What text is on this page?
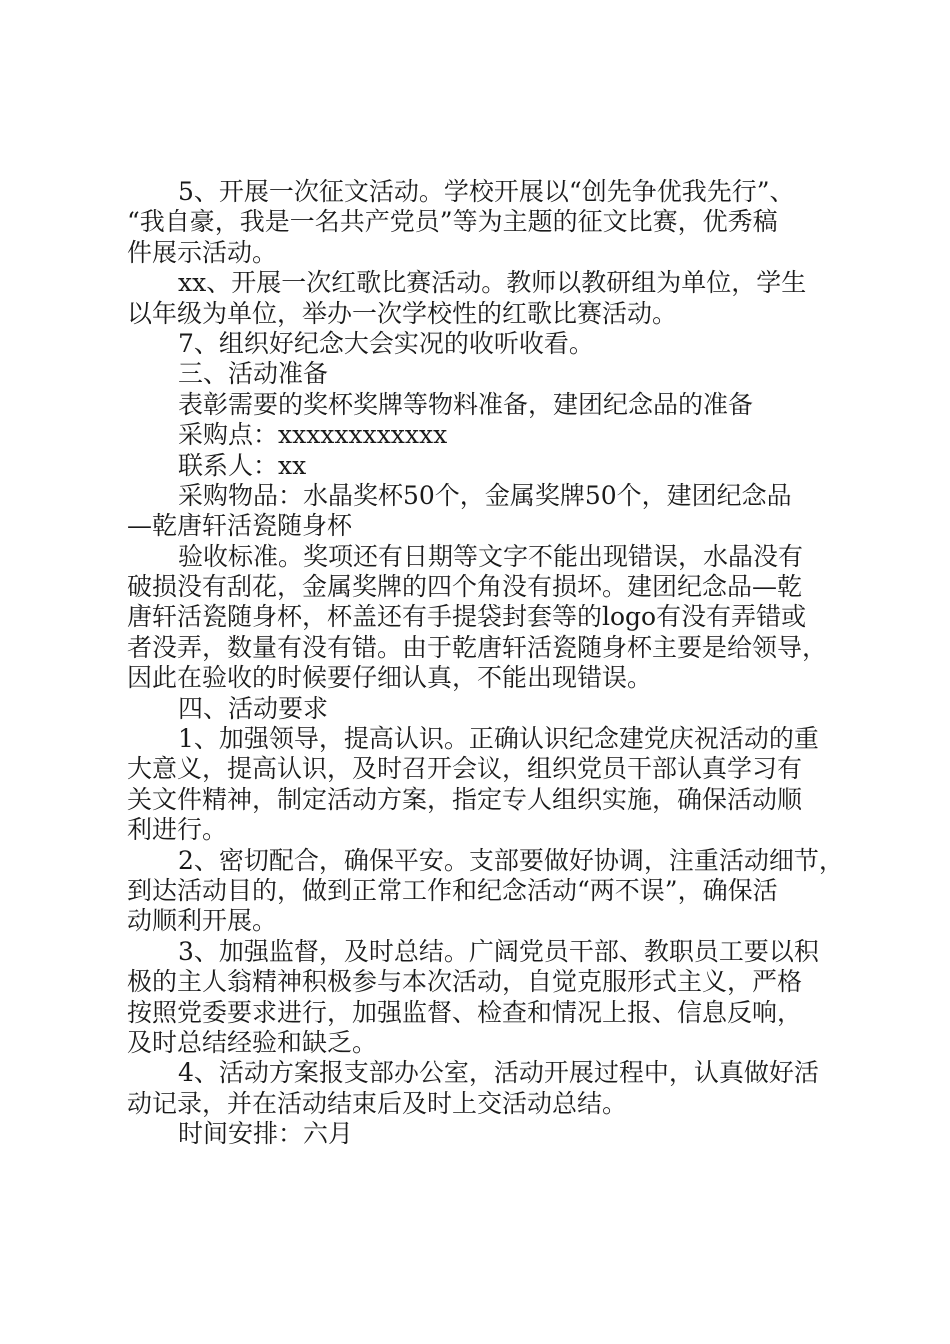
5、开展一次征文活动。学校开展以“创先争优我先行”、
“我自豪，我是一名共产党员”等为主题的征文比赛，优秀稿
件展示活动。
xx、开展一次红歌比赛活动。教师以教研组为单位，学生
以年级为单位，举办一次学校性的红歌比赛活动。
7、组织好纪念大会实况的收听收看。
三、活动准备
表彰需要的奖杯奖牌等物料准备，建团纪念品的准备
采购点：xxxxxxxxxxxx
联系人：xx
采购物品：水晶奖杯50个，金属奖牌50个，建团纪念品
—乾唐轩活瓷随身杯
验收标准。奖项还有日期等文字不能出现错误，水晶没有
破损没有刮花，金属奖牌的四个角没有损坏。建团纪念品—乾
唐轩活瓷随身杯，杯盖还有手提袋封套等的logo有没有弄错或
者没弄，数量有没有错。由于乾唐轩活瓷随身杯主要是给领导，
因此在验收的时候要仔细认真，不能出现错误。
四、活动要求
1、加强领导，提高认识。正确认识纪念建党庆祝活动的重
大意义，提高认识，及时召开会议，组织党员干部认真学习有
关文件精神，制定活动方案，指定专人组织实施，确保活动顺
利进行。
2、密切配合，确保平安。支部要做好协调，注重活动细节，
到达活动目的，做到正常工作和纪念活动“两不误”，确保活
动顺利开展。
3、加强监督，及时总结。广阔党员干部、教职员工要以积
极的主人翁精神积极参与本次活动，自觉克服形式主义，严格
按照党委要求进行，加强监督、检查和情况上报、信息反响，
及时总结经验和缺乏。
4、活动方案报支部办公室，活动开展过程中，认真做好活
动记录，并在活动结束后及时上交活动总结。
时间安排：六月
